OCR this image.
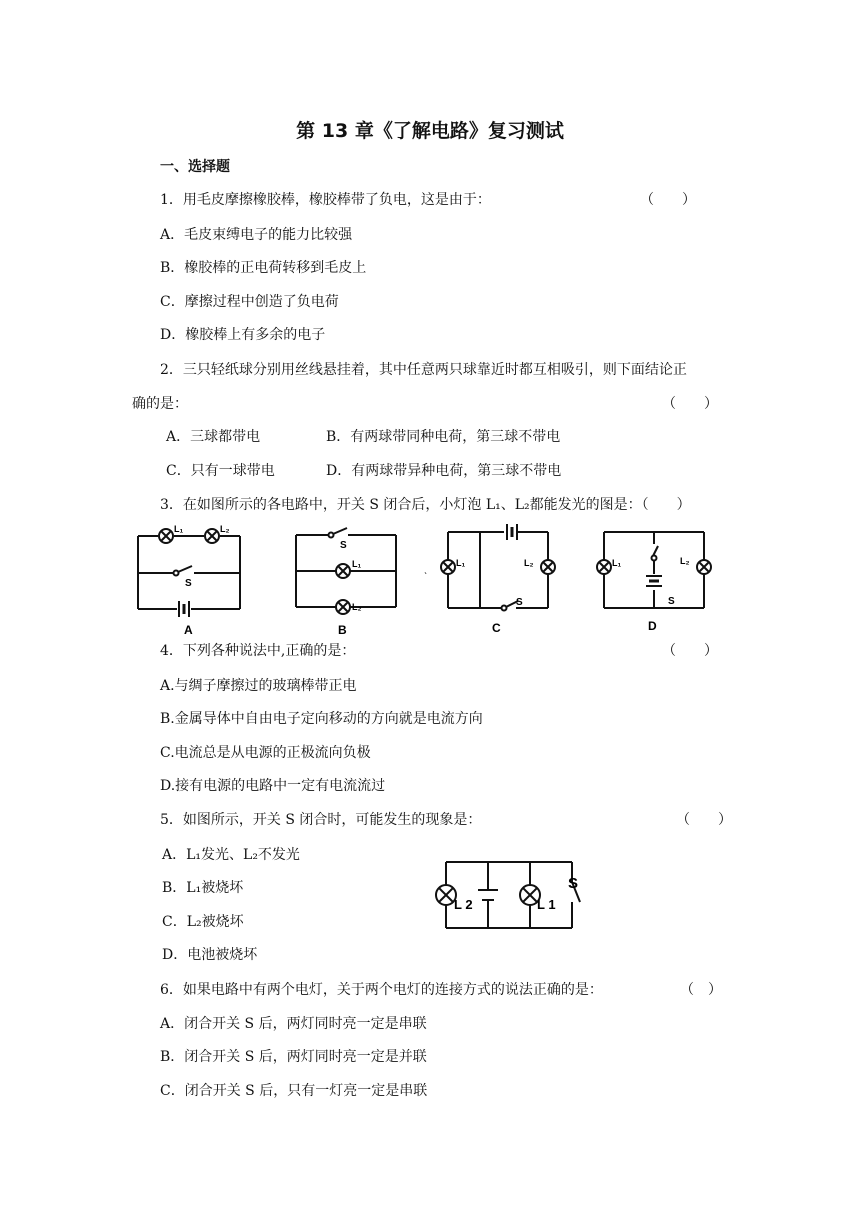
第 13 章《了解电路》复习测试
一、选择题
1．用毛皮摩擦橡胶棒，橡胶棒带了负电，这是由于：	（　　）
A．毛皮束缚电子的能力比较强
B．橡胶棒的正电荷转移到毛皮上
C．摩擦过程中创造了负电荷
D．橡胶棒上有多余的电子
2．三只轻纸球分别用丝线悬挂着，其中任意两只球靠近时都互相吸引，则下面结论正
确的是：	（　　）
A．三球都带电	B．有两球带同种电荷，第三球不带电
C．只有一球带电	D．有两球带异种电荷，第三球不带电
3．在如图所示的各电路中，开关 S 闭合后，小灯泡 L₁、L₂都能发光的图是：（　　）
L₁	L₂
S
A
S
L₁
L₂
B
ˋ
L₁	L₂
S
C
L₁	L₂
S
D
4．下列各种说法中,正确的是：	（　　）
A.与绸子摩擦过的玻璃棒带正电
B.金属导体中自由电子定向移动的方向就是电流方向
C.电流总是从电源的正极流向负极
D.接有电源的电路中一定有电流流过
5．如图所示，开关 S 闭合时，可能发生的现象是：	（　　）
A．L₁发光、L₂不发光
B．L₁被烧坏
C．L₂被烧坏
D．电池被烧坏
L 2	L 1
S
6．如果电路中有两个电灯，关于两个电灯的连接方式的说法正确的是：	（　）
A．闭合开关 S 后，两灯同时亮一定是串联
B．闭合开关 S 后，两灯同时亮一定是并联
C．闭合开关 S 后，只有一灯亮一定是串联
